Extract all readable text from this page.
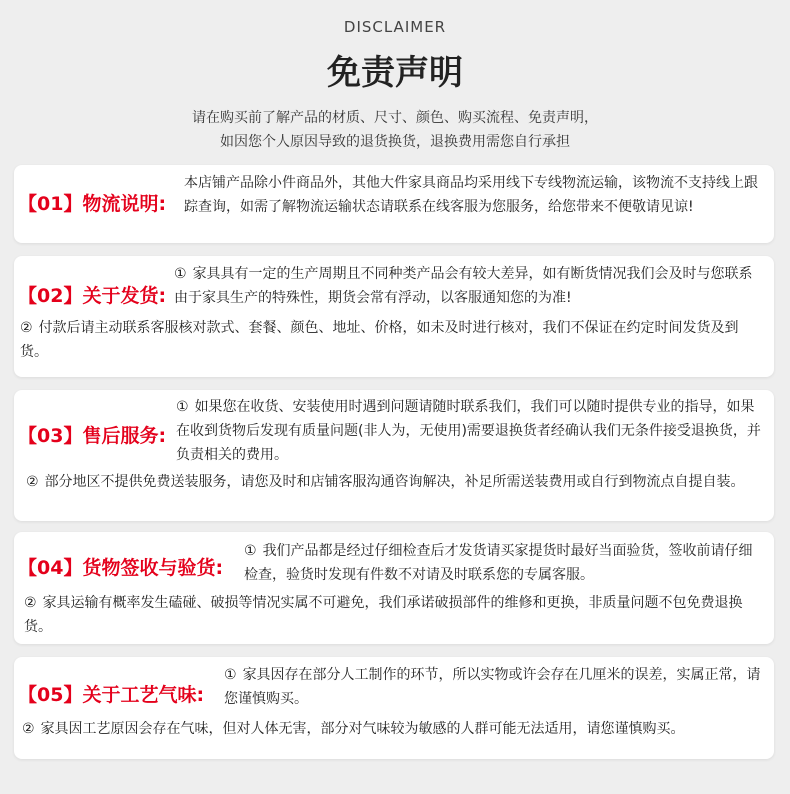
DISCLAIMER
免责声明
请在购买前了解产品的材质、尺寸、颜色、购买流程、免责声明，
如因您个人原因导致的退货换货，退换费用需您自行承担
【01】物流说明:
本店铺产品除小件商品外，其他大件家具商品均采用线下专线物流运输，该物流不支持线上跟踪查询，如需了解物流运输状态请联系在线客服为您服务，给您带来不便敬请见谅!
【02】关于发货:
① 家具具有一定的生产周期且不同种类产品会有较大差异，如有断货情况我们会及时与您联系由于家具生产的特殊性，期货会常有浮动，以客服通知您的为准!
② 付款后请主动联系客服核对款式、套餐、颜色、地址、价格，如未及时进行核对，我们不保证在约定时间发货及到货。
【03】售后服务:
① 如果您在收货、安装使用时遇到问题请随时联系我们，我们可以随时提供专业的指导，如果在收到货物后发现有质量问题(非人为，无使用)需要退换货者经确认我们无条件接受退换货，并负责相关的费用。
② 部分地区不提供免费送装服务，请您及时和店铺客服沟通咨询解决，补足所需送装费用或自行到物流点自提自装。
【04】货物签收与验货:
① 我们产品都是经过仔细检查后才发货请买家提货时最好当面验货，签收前请仔细检查，验货时发现有件数不对请及时联系您的专属客服。
② 家具运输有概率发生磕碰、破损等情况实属不可避免，我们承诺破损部件的维修和更换，非质量问题不包免费退换货。
【05】关于工艺气味:
① 家具因存在部分人工制作的环节，所以实物或许会存在几厘米的误差，实属正常，请您谨慎购买。
② 家具因工艺原因会存在气味，但对人体无害，部分对气味较为敏感的人群可能无法适用，请您谨慎购买。
